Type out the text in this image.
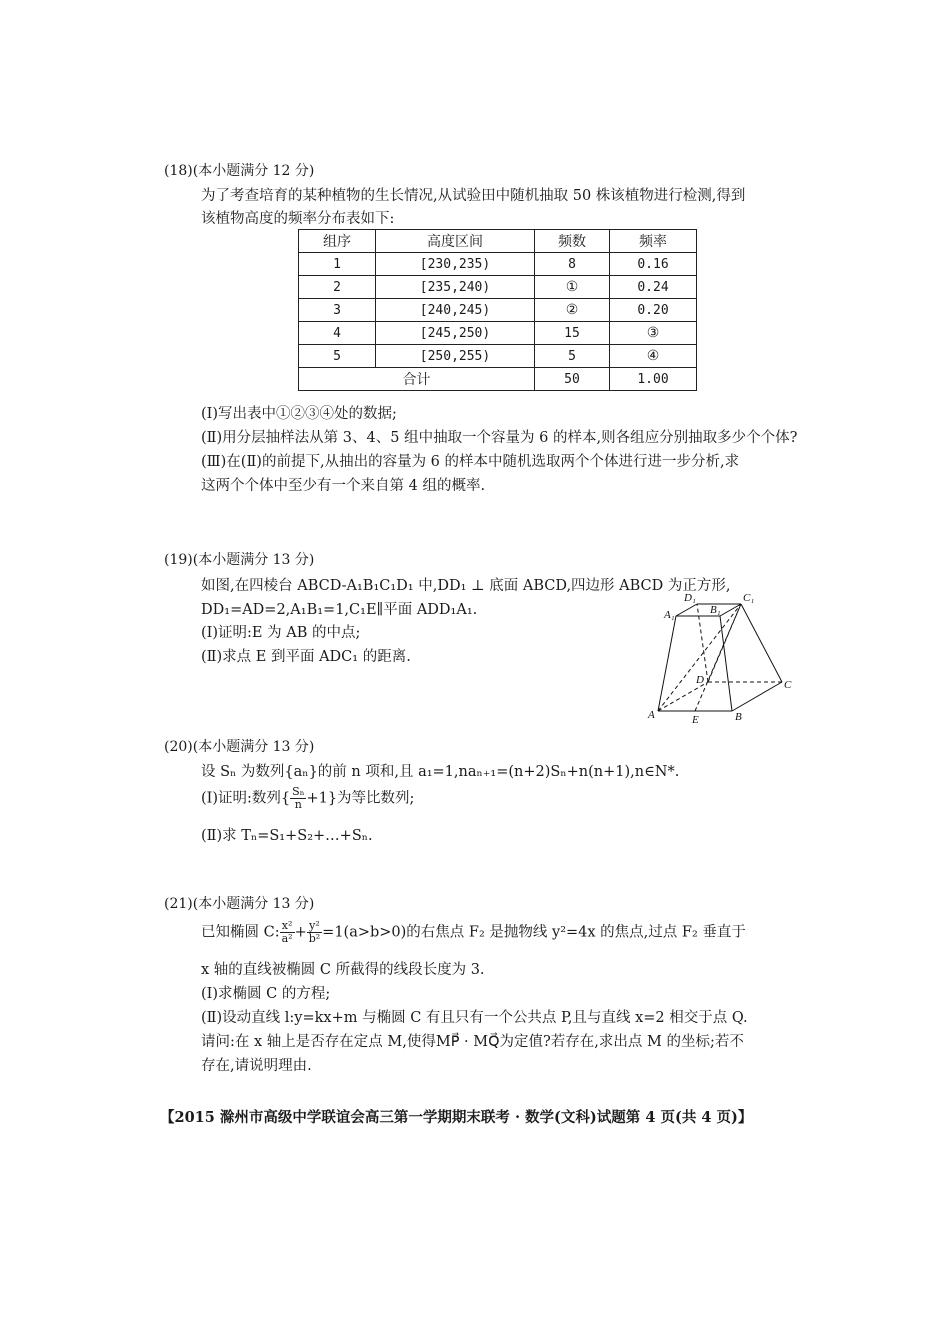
(18)(本小题满分 12 分)
为了考查培育的某种植物的生长情况,从试验田中随机抽取 50 株该植物进行检测,得到
该植物高度的频率分布表如下:
组序	高度区间	频数	频率
1	[230,235)	8	0.16
2	[235,240)	①	0.24
3	[240,245)	②	0.20
4	[245,250)	15	③
5	[250,255)	5	④
合计		50	1.00
(Ⅰ)写出表中①②③④处的数据;
(Ⅱ)用分层抽样法从第 3、4、5 组中抽取一个容量为 6 的样本,则各组应分别抽取多少个个体?
(Ⅲ)在(Ⅱ)的前提下,从抽出的容量为 6 的样本中随机选取两个个体进行进一步分析,求
这两个个体中至少有一个来自第 4 组的概率.
(19)(本小题满分 13 分)
如图,在四棱台 ABCD-A₁B₁C₁D₁ 中,DD₁ ⊥ 底面 ABCD,四边形 ABCD 为正方形,
DD₁=AD=2,A₁B₁=1,C₁E∥平面 ADD₁A₁.
(Ⅰ)证明:E 为 AB 的中点;
(Ⅱ)求点 E 到平面 ADC₁ 的距离.
D₁
B₁
C₁
A₁
D	C
A	E	B
(20)(本小题满分 13 分)
设 Sₙ 为数列{aₙ}的前 n 项和,且 a₁=1,naₙ₊₁=(n+2)Sₙ+n(n+1),n∈N*.
(Ⅰ)证明:数列{ $\frac{\text{Sₙ}}{n} +1$}为等比数列;
(Ⅱ)求 Tₙ=S₁+S₂+…+Sₙ.
(21)(本小题满分 13 分)
已知椭圆 C: $\frac{\text{x²}}{\text{a²}} + \frac{\text{y²}}{\text{b²}} =1(a>b>0)$的右焦点 F₂ 是抛物线 y²=4x 的焦点,过点 F₂ 垂直于
x 轴的直线被椭圆 C 所截得的线段长度为 3.
(Ⅰ)求椭圆 C 的方程;
(Ⅱ)设动直线 l:y=kx+m 与椭圆 C 有且只有一个公共点 P,且与直线 x=2 相交于点 Q.
请问:在 x 轴上是否存在定点 M,使得MP⃗ · MQ⃗为定值?若存在,求出点 M 的坐标;若不
存在,请说明理由.
【2015 滁州市高级中学联谊会高三第一学期期末联考 · 数学(文科)试题第 4 页(共 4 页)】
